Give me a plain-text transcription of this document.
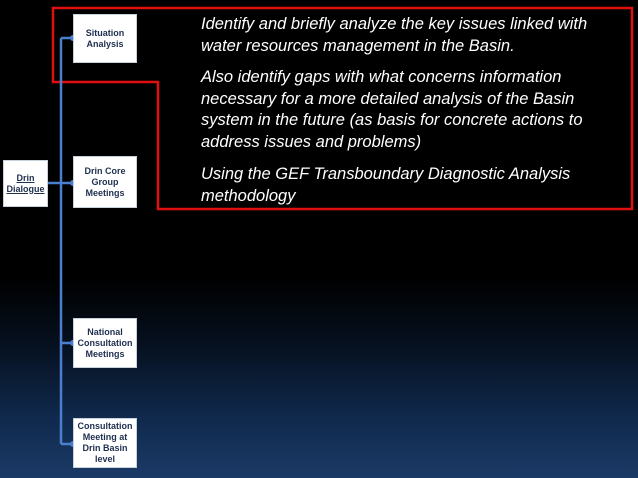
Drin Dialogue
Situation Analysis
Drin Core Group Meetings
National Consultation Meetings
Consultation Meeting at Drin Basin level
Identify and briefly analyze the key issues linked with water resources management in the Basin.
Also identify gaps with what concerns information necessary for a more detailed analysis of the Basin system in the future (as basis for concrete actions to address issues and problems)
Using the GEF Transboundary Diagnostic Analysis methodology
